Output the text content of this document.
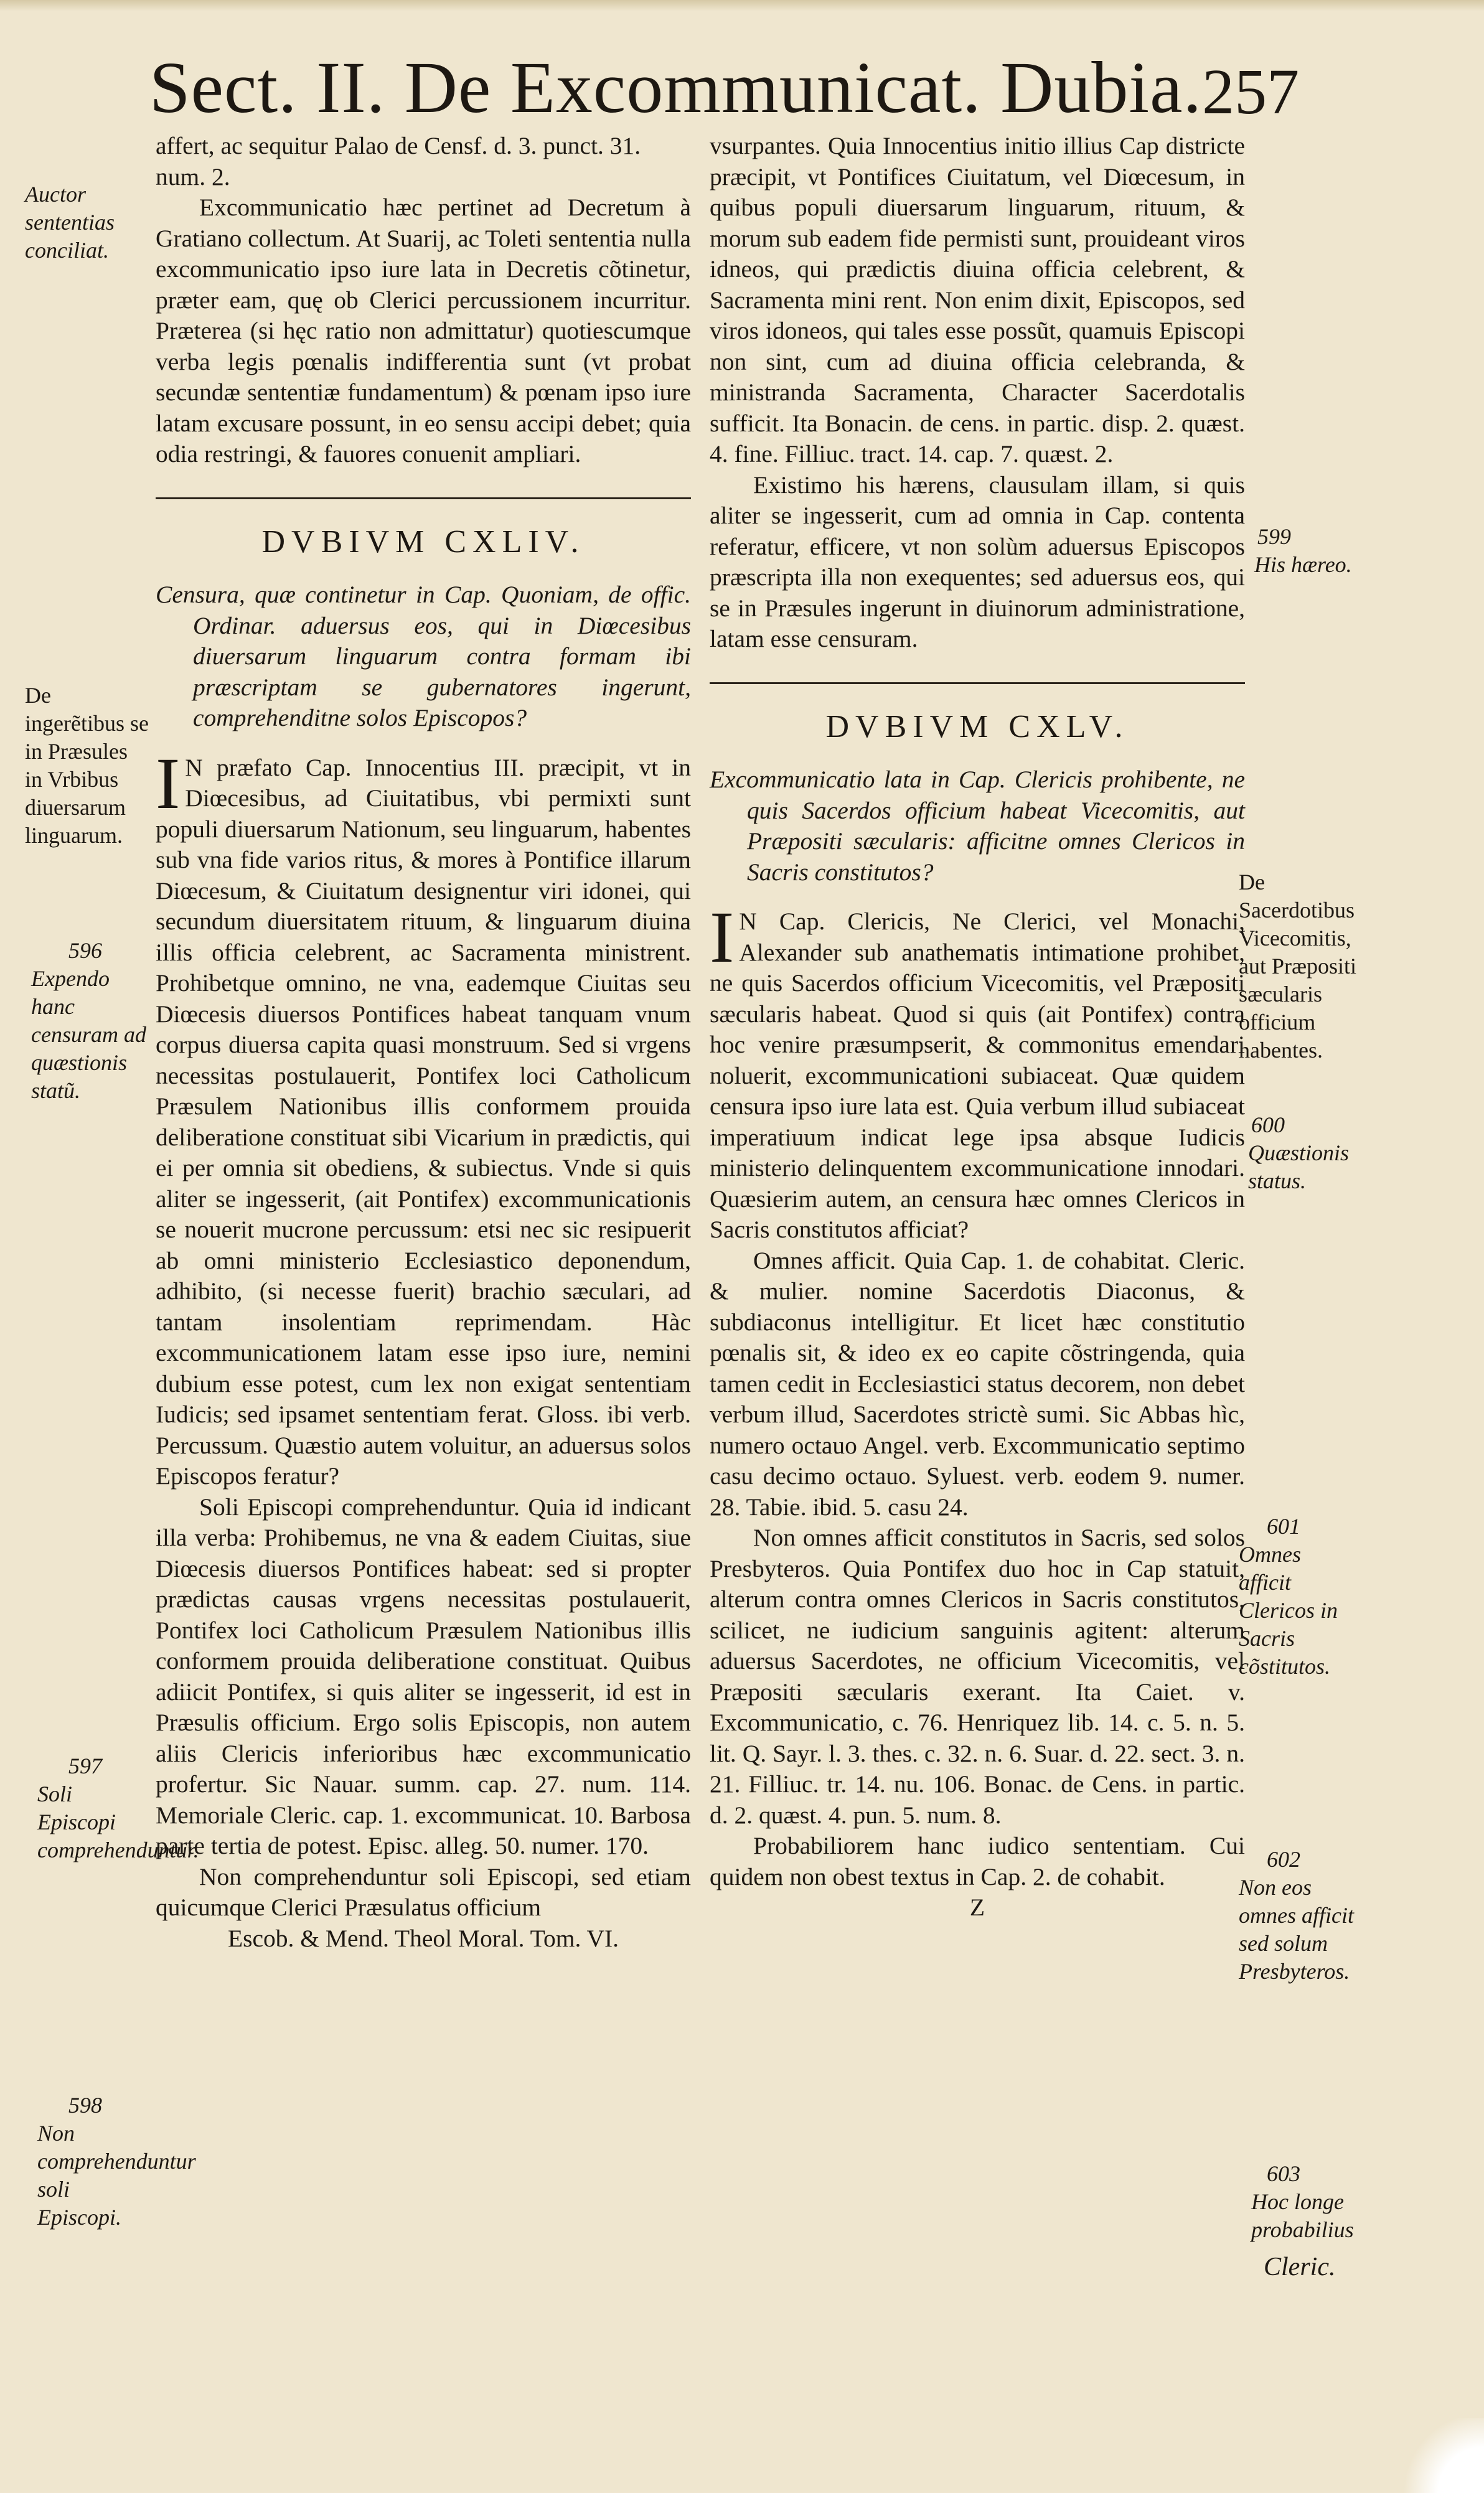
Sect. II. De Excommunicat. Dubia. 257

affert, ac sequitur Palao de Censf. d. 3. punct. 31.

num. 2.

Excommunicatio hæc pertinet ad Decretum à Gratiano collectum. At Suarij, ac Toleti sententia nulla excommunicatio ipso iure lata in Decretis cõtinetur, præter eam, quę ob Clerici percussionem incurritur. Præterea (si hęc ratio non admittatur) quotiescumque verba legis pœnalis indifferentia sunt (vt probat secundæ sententiæ fundamentum) & pœnam ipso iure latam excusare possunt, in eo sensu accipi debet; quia odia restringi, & fauores conuenit ampliari.

DVBIVM CXLIV.

Censura, quæ continetur in Cap. Quoniam, de offic. Ordinar. aduersus eos, qui in Diœcesibus diuersarum linguarum contra formam ibi præscriptam se gubernatores ingerunt, comprehenditne solos Episcopos?

I N præfato Cap. Innocentius III. præcipit, vt in Diœcesibus, ad Ciuitatibus, vbi permixti sunt populi diuersarum Nationum, seu linguarum, habentes sub vna fide varios ritus, & mores à Pontifice illarum Diœcesum, & Ciuitatum designentur viri idonei, qui secundum diuersitatem rituum, & linguarum diuina illis officia celebrent, ac Sacramenta ministrent. Prohibetque omnino, ne vna, eademque Ciuitas seu Diœcesis diuersos Pontifices habeat tanquam vnum corpus diuersa capita quasi monstruum. Sed si vrgens necessitas postulauerit, Pontifex loci Catholicum Præsulem Nationibus illis conformem prouida deliberatione constituat sibi Vicarium in prædictis, qui ei per omnia sit obediens, & subiectus. Vnde si quis aliter se ingesserit, (ait Pontifex) excommunicationis se nouerit mucrone percussum: etsi nec sic resipuerit ab omni ministerio Ecclesiastico deponendum, adhibito, (si necesse fuerit) brachio sæculari, ad tantam insolentiam reprimendam. Hàc excommunicationem latam esse ipso iure, nemini dubium esse potest, cum lex non exigat sententiam Iudicis; sed ipsamet sententiam ferat. Gloss. ibi verb. Percussum. Quæstio autem voluitur, an aduersus solos Episcopos feratur?

Soli Episcopi comprehenduntur. Quia id indicant illa verba: Prohibemus, ne vna & eadem Ciuitas, siue Diœcesis diuersos Pontifices habeat: sed si propter prædictas causas vrgens necessitas postulauerit, Pontifex loci Catholicum Præsulem Nationibus illis conformem prouida deliberatione constituat. Quibus adiicit Pontifex, si quis aliter se ingesserit, id est in Præsulis officium. Ergo solis Episcopis, non autem aliis Clericis inferioribus hæc excommunicatio profertur. Sic Nauar. summ. cap. 27. num. 114. Memoriale Cleric. cap. 1. excommunicat. 10. Barbosa parte tertia de potest. Episc. alleg. 50. numer. 170.

Non comprehenduntur soli Episcopi, sed etiam quicumque Clerici Præsulatus officium

Escob. & Mend. Theol Moral. Tom. VI.

vsurpantes. Quia Innocentius initio illius Cap districte præcipit, vt Pontifices Ciuitatum, vel Diœcesum, in quibus populi diuersarum linguarum, rituum, & morum sub eadem fide permisti sunt, prouideant viros idneos, qui prædictis diuina officia celebrent, & Sacramenta mini rent. Non enim dixit, Episcopos, sed viros idoneos, qui tales esse possũt, quamuis Episcopi non sint, cum ad diuina officia celebranda, & ministranda Sacramenta, Character Sacerdotalis sufficit. Ita Bonacin. de cens. in partic. disp. 2. quæst. 4. fine. Filliuc. tract. 14. cap. 7. quæst. 2.

Existimo his hærens, clausulam illam, si quis aliter se ingesserit, cum ad omnia in Cap. contenta referatur, efficere, vt non solùm aduersus Episcopos præscripta illa non exequentes; sed aduersus eos, qui se in Præsules ingerunt in diuinorum administratione, latam esse censuram.

DVBIVM CXLV.

Excommunicatio lata in Cap. Clericis prohibente, ne quis Sacerdos officium habeat Vicecomitis, aut Præpositi sæcularis: afficitne omnes Clericos in Sacris constitutos?

I N Cap. Clericis, Ne Clerici, vel Monachi, Alexander sub anathematis intimatione prohibet, ne quis Sacerdos officium Vicecomitis, vel Præpositi sæcularis habeat. Quod si quis (ait Pontifex) contra hoc venire præsumpserit, & commonitus emendari noluerit, excommunicationi subiaceat. Quæ quidem censura ipso iure lata est. Quia verbum illud subiaceat imperatiuum indicat lege ipsa absque Iudicis ministerio delinquentem excommunicatione innodari. Quæsierim autem, an censura hæc omnes Clericos in Sacris constitutos afficiat?

Omnes afficit. Quia Cap. 1. de cohabitat. Cleric. & mulier. nomine Sacerdotis Diaconus, & subdiaconus intelligitur. Et licet hæc constitutio pœnalis sit, & ideo ex eo capite cõstringenda, quia tamen cedit in Ecclesiastici status decorem, non debet verbum illud, Sacerdotes strictè sumi. Sic Abbas hìc, numero octauo Angel. verb. Excommunicatio septimo casu decimo octauo. Syluest. verb. eodem 9. numer. 28. Tabie. ibid. 5. casu 24.

Non omnes afficit constitutos in Sacris, sed solos Presbyteros. Quia Pontifex duo hoc in Cap statuit, alterum contra omnes Clericos in Sacris constitutos, scilicet, ne iudicium sanguinis agitent: alterum aduersus Sacerdotes, ne officium Vicecomitis, vel Præpositi sæcularis exerant. Ita Caiet. v. Excommunicatio, c. 76. Henriquez lib. 14. c. 5. n. 5. lit. Q. Sayr. l. 3. thes. c. 32. n. 6. Suar. d. 22. sect. 3. n. 21. Filliuc. tr. 14. nu. 106. Bonac. de Cens. in partic. d. 2. quæst. 4. pun. 5. num. 8.

Probabiliorem hanc iudico sententiam. Cui quidem non obest textus in Cap. 2. de cohabit.

Z

Auctor sententias conciliat.
De ingerẽtibus se in Præsules in Vrbibus diuersarum linguarum.
596
Expendo hanc censuram ad quæstionis statũ.
597
Soli Episcopi comprehenduntur.
598
Non comprehenduntur soli Episcopi.
599
His hæreo.
De Sacerdotibus Vicecomitis, aut Præpositi sæcularis officium habentes.
600
Quæstionis status.
601
Omnes afficit Clericos in Sacris cõstitutos.
602
Non eos omnes afficit sed solum Presbyteros.
603
Hoc longe probabilius
Cleric.
